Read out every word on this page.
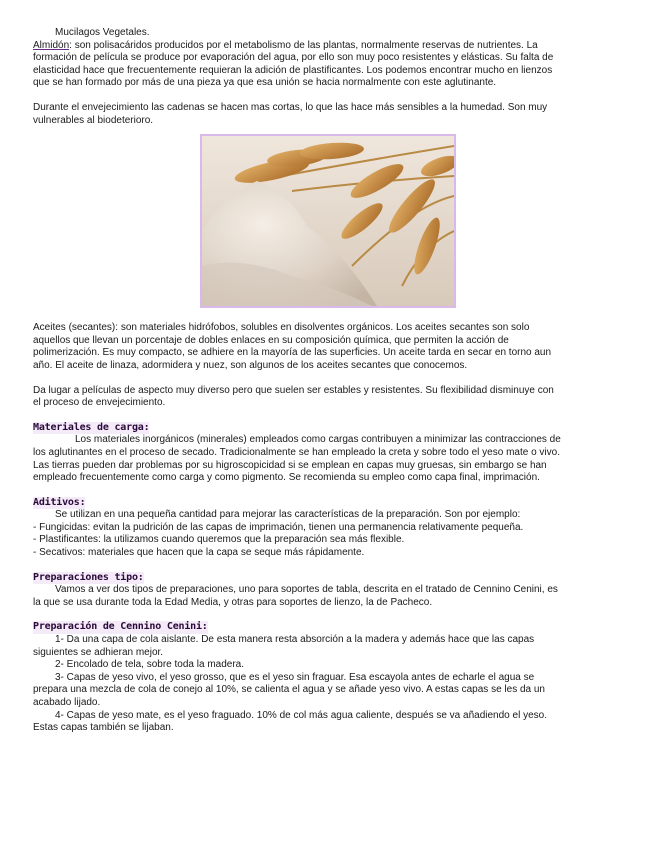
Mucilagos Vegetales.

Almidón: son polisacáridos producidos por el metabolismo de las plantas, normalmente reservas de nutrientes. La

formación de película se produce por evaporación del agua, por ello son muy poco resistentes y elásticas. Su falta de

elasticidad hace que frecuentemente requieran la adición de plastificantes. Los podemos encontrar mucho en lienzos

que se han formado por más de una pieza ya que esa unión se hacia normalmente con este aglutinante.

Durante el envejecimiento las cadenas se hacen mas cortas, lo que las hace más sensibles a la humedad. Son muy

vulnerables al biodeterioro.

Aceites (secantes): son materiales hidrófobos, solubles en disolventes orgánicos. Los aceites secantes son solo

aquellos que llevan un porcentaje de dobles enlaces en su composición química, que permiten la acción de

polimerización. Es muy compacto, se adhiere en la mayoría de las superficies. Un aceite tarda en secar en torno aun

año. El aceite de linaza, adormidera y nuez, son algunos de los aceites secantes que conocemos.

Da lugar a películas de aspecto muy diverso pero que suelen ser estables y resistentes. Su flexibilidad disminuye con

el proceso de envejecimiento.

Materiales de carga:

Los materiales inorgánicos (minerales) empleados como cargas contribuyen a minimizar las contracciones de

los aglutinantes en el proceso de secado. Tradicionalmente se han empleado la creta y sobre todo el yeso mate o vivo.

Las tierras pueden dar problemas por su higroscopicidad si se emplean en capas muy gruesas, sin embargo se han

empleado frecuentemente como carga y como pigmento. Se recomienda su empleo como capa final, imprimación.

Aditivos:

Se utilizan en una pequeña cantidad para mejorar las características de la preparación. Son por ejemplo:

- Fungicidas: evitan la pudrición de las capas de imprimación, tienen una permanencia relativamente pequeña.

- Plastificantes: la utilizamos cuando queremos que la preparación sea más flexible.

- Secativos: materiales que hacen que la capa se seque más rápidamente.

Preparaciones tipo:

Vamos a ver dos tipos de preparaciones, uno para soportes de tabla, descrita en el tratado de Cennino Cenini, es

la que se usa durante toda la Edad Media, y otras para soportes de lienzo, la de Pacheco.

Preparación de Cennino Cenini:

1- Da una capa de cola aislante. De esta manera resta absorción a la madera y además hace que las capas

siguientes se adhieran mejor.

2- Encolado de tela, sobre toda la madera.

3- Capas de yeso vivo, el yeso grosso, que es el yeso sin fraguar. Esa escayola antes de echarle el agua se

prepara una mezcla de cola de conejo al 10%, se calienta el agua y se añade yeso vivo. A estas capas se les da un

acabado lijado.

4- Capas de yeso mate, es el yeso fraguado. 10% de col más agua caliente, después se va añadiendo el yeso.

Estas capas también se lijaban.
